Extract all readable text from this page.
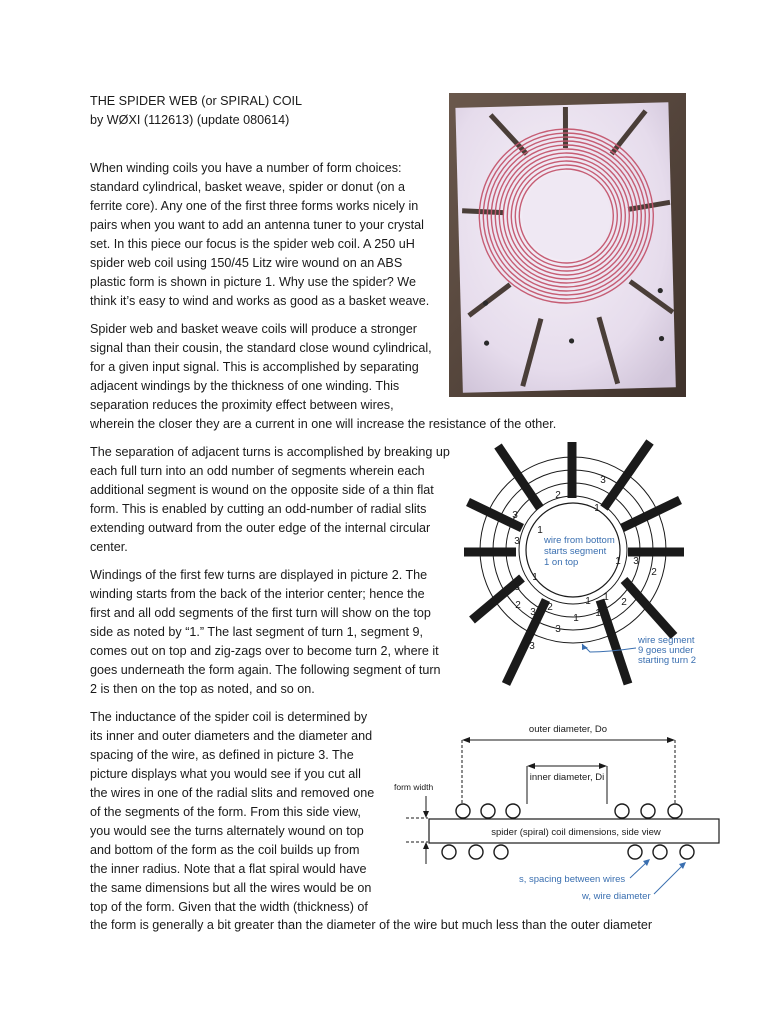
THE SPIDER WEB (or SPIRAL) COIL
by WØXI (112613) (update 080614)
When winding coils you have a number of form choices:
standard cylindrical, basket weave, spider or donut (on a
ferrite core). Any one of the first three forms works nicely in
pairs when you want to add an antenna tuner to your crystal
set. In this piece our focus is the spider web coil. A 250 uH
spider web coil using 150/45 Litz wire wound on an ABS
plastic form is shown in picture 1. Why use the spider? We
think it’s easy to wind and works as good as a basket weave.
Spider web and basket weave coils will produce a stronger
signal than their cousin, the standard close wound cylindrical,
for a given input signal. This is accomplished by separating
adjacent windings by the thickness of one winding. This
separation reduces the proximity effect between wires,
wherein the closer they are a current in one will increase the resistance of the other.
The separation of adjacent turns is accomplished by breaking up
each full turn into an odd number of segments wherein each
additional segment is wound on the opposite side of a thin flat
form. This is enabled by cutting an odd-number of radial slits
extending outward from the outer edge of the internal circular
center.
Windings of the first few turns are displayed in picture 2. The
winding starts from the back of the interior center; hence the
first and all odd segments of the first turn will show on the top
side as noted by “1.” The last segment of turn 1, segment 9,
comes out on top and zig-zags over to become turn 2, where it
goes underneath the form again. The following segment of turn
2 is then on the top as noted, and so on.
The inductance of the spider coil is determined by
its inner and outer diameters and the diameter and
spacing of the wire, as defined in picture 3. The
picture displays what you would see if you cut all
the wires in one of the radial slits and removed one
of the segments of the form. From this side view,
you would see the turns alternately wound on top
and bottom of the form as the coil builds up from
the inner radius. Note that a flat spiral would have
the same dimensions but all the wires would be on
top of the form. Given that the width (thickness) of
the form is generally a bit greater than the diameter of the wire but much less than the outer diameter
3
2
1
3
2
1
3
3
1
2
1
3
2
1
3
2
1
3
1
3
2
1
wire from bottom
starts segment
1 on top
wire segment
9 goes under
starting turn 2
outer diameter, Do
inner diameter, Di
form width
spider (spiral) coil dimensions, side view
s, spacing between wires
w, wire diameter
